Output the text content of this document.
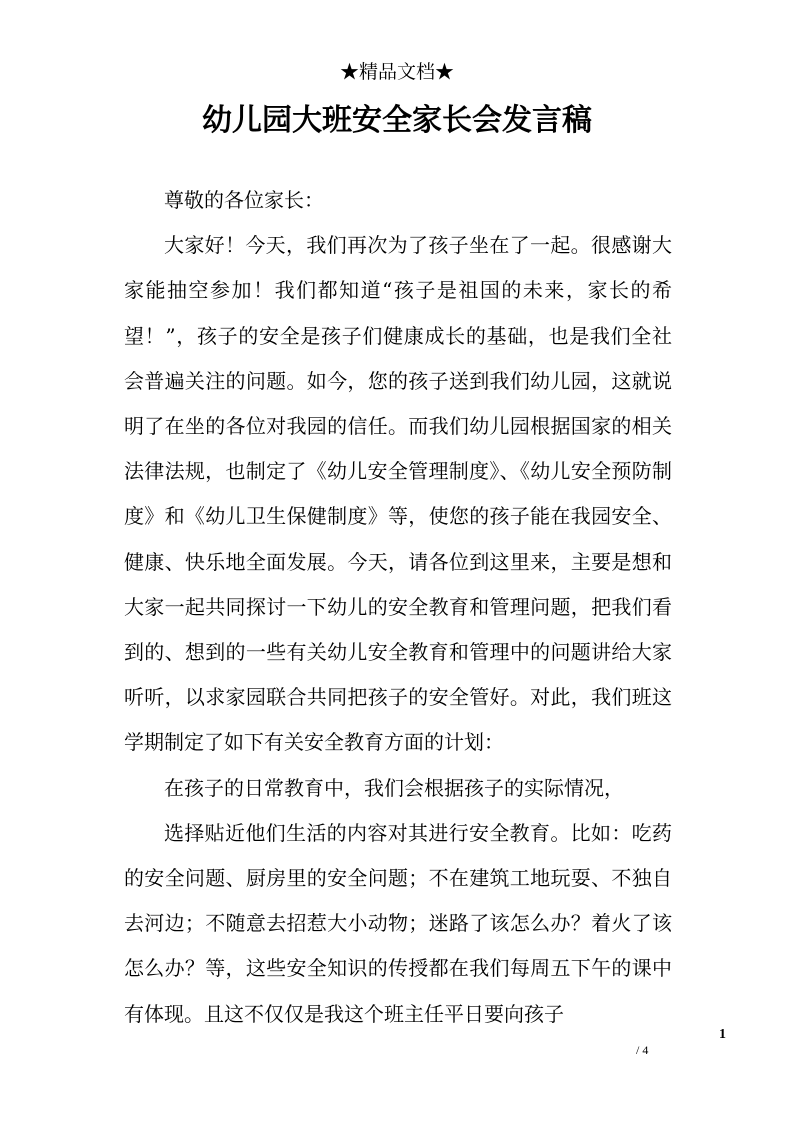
★精品文档★
幼儿园大班安全家长会发言稿

尊敬的各位家长：

大家好！今天，我们再次为了孩子坐在了一起。很感谢大家能抽空参加！我们都知道“孩子是祖国的未来，家长的希望！”，孩子的安全是孩子们健康成长的基础，也是我们全社会普遍关注的问题。如今，您的孩子送到我们幼儿园，这就说明了在坐的各位对我园的信任。而我们幼儿园根据国家的相关法律法规，也制定了《幼儿安全管理制度》、《幼儿安全预防制度》和《幼儿卫生保健制度》等，使您的孩子能在我园安全、健康、快乐地全面发展。今天，请各位到这里来，主要是想和大家一起共同探讨一下幼儿的安全教育和管理问题，把我们看到的、想到的一些有关幼儿安全教育和管理中的问题讲给大家听听，以求家园联合共同把孩子的安全管好。对此，我们班这学期制定了如下有关安全教育方面的计划：

在孩子的日常教育中，我们会根据孩子的实际情况，

选择贴近他们生活的内容对其进行安全教育。比如：吃药的安全问题、厨房里的安全问题；不在建筑工地玩耍、不独自去河边；不随意去招惹大小动物；迷路了该怎么办？着火了该怎么办？等，这些安全知识的传授都在我们每周五下午的课中有体现。且这不仅仅是我这个班主任平日要向孩子

1
/ 4
